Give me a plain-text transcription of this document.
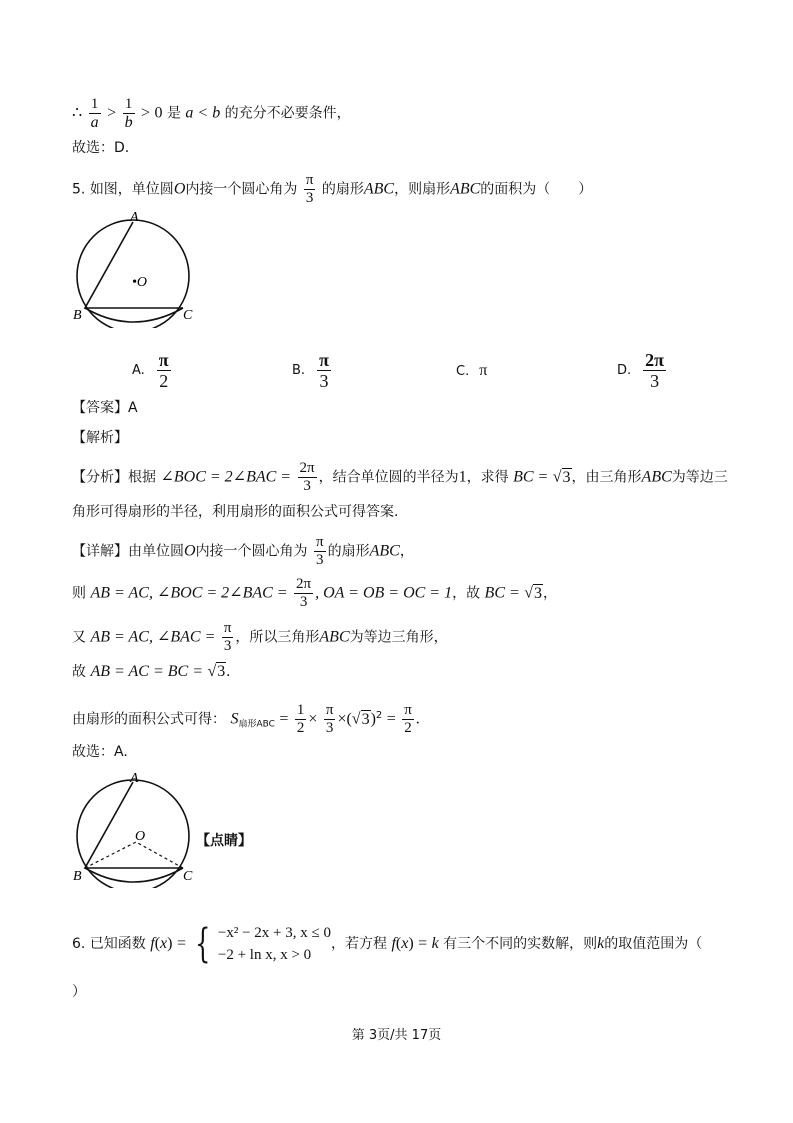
∴ $\frac{1}{a} > \frac{1}{b} > 0$ 是 a < b 的充分不必要条件，
故选：D.
5. 如图，单位圆O内接一个圆心角为 $\frac{\pi}{3}$ 的扇形ABC，则扇形ABC的面积为（　　）
A
•O
B	C
A. $\frac{\pi}{2}$	B. $\frac{\pi}{3}$	C. π	D. $\frac{2\pi}{3}$
【答案】A
【解析】
【分析】根据 ∠BOC = 2∠BAC = $\frac{2\pi}{3}$ ，结合单位圆的半径为1，求得 BC = √3，由三角形ABC为等边三
角形可得扇形的半径，利用扇形的面积公式可得答案.
【详解】由单位圆O内接一个圆心角为 $\frac{\pi}{3}$ 的扇形ABC，
则 AB = AC, ∠BOC = 2∠BAC = $\frac{2\pi}{3}$ , OA = OB = OC = 1，故 BC = √3，
又 AB = AC, ∠BAC = $\frac{\pi}{3}$ ，所以三角形ABC为等边三角形，
故 AB = AC = BC = √3.
由扇形的面积公式可得： $S_{扇形ABC} = \frac{1}{2} \times \frac{\pi}{3} \times(√3)^2 = \frac{\pi}{2}$ .
故选：A.
A
O
B	C
【点睛】
6. 已知函数 f(x) = { −x² − 2x + 3, x ≤ 0
−2 + ln x, x > 0
，若方程 f(x) = k 有三个不同的实数解，则k的取值范围为（
）
第 3页/共 17页
